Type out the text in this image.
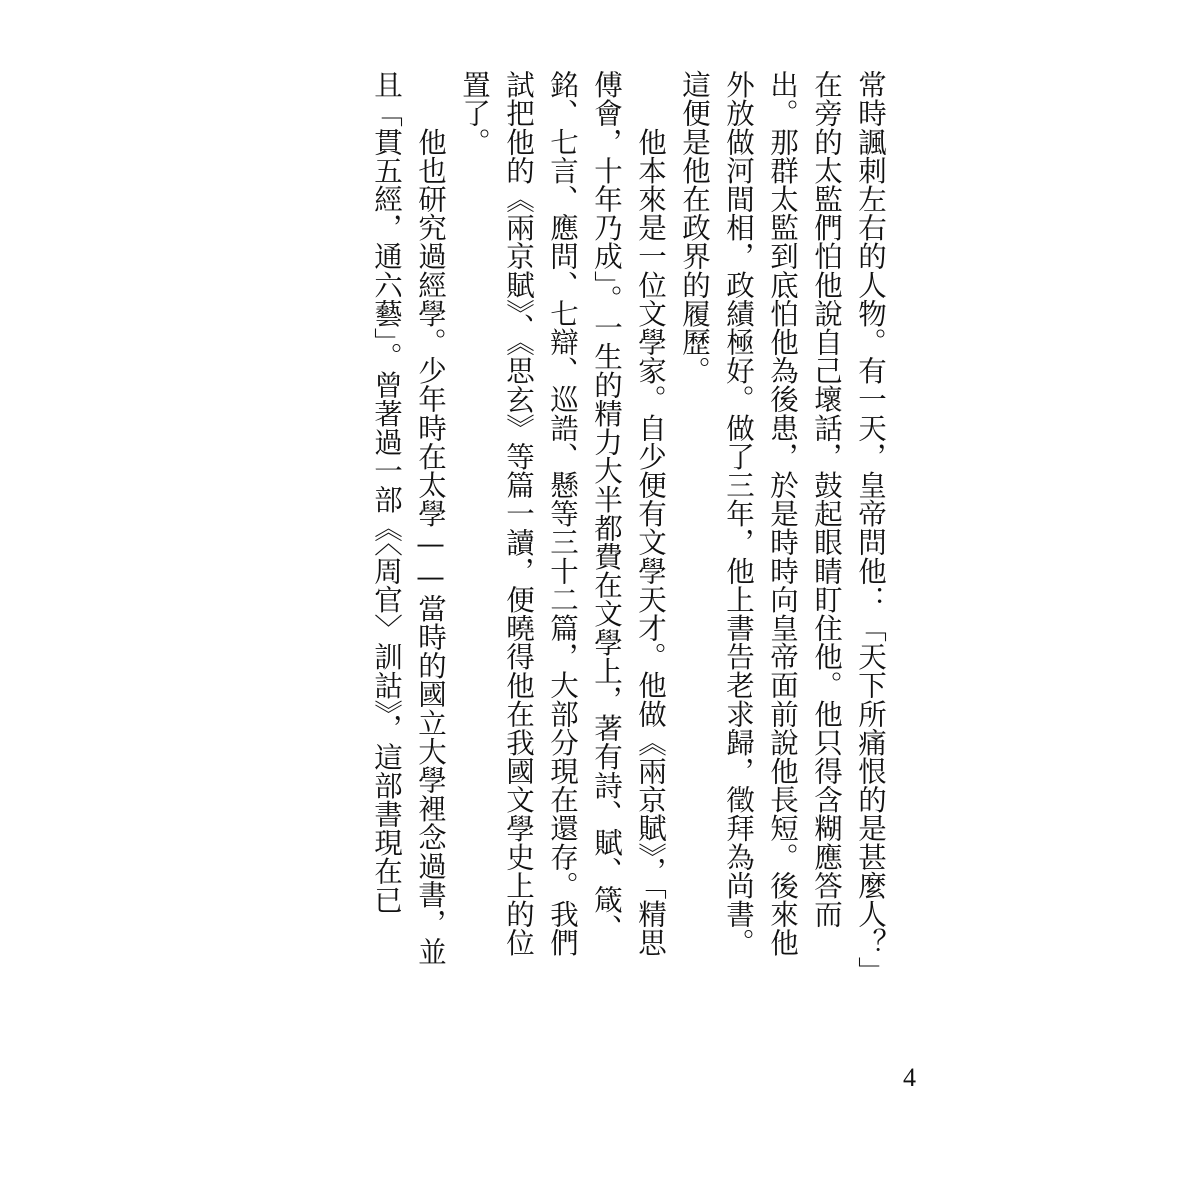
常時諷刺左右的人物。有一天，皇帝問他：「天下所痛恨的是甚麼人？」
在旁的太監們怕他說自己壞話，鼓起眼睛盯住他。他只得含糊應答而
出。那群太監到底怕他為後患，於是時時向皇帝面前說他長短。後來他
外放做河間相，政績極好。做了三年，他上書告老求歸，徵拜為尚書。
這便是他在政界的履歷。
　　他本來是一位文學家。自少便有文學天才。他做《兩京賦》，「精思
傅會，十年乃成」。一生的精力大半都費在文學上，著有詩、賦、箴、
銘、七言、應問、七辯、巡誥、懸等三十二篇，大部分現在還存。我們
試把他的《兩京賦》、《思玄》等篇一讀，便曉得他在我國文學史上的位
置了。
　　他也研究過經學。少年時在太學——當時的國立大學裡念過書，並
且「貫五經，通六藝」。曾著過一部《〈周官〉訓詁》，這部書現在已
4
